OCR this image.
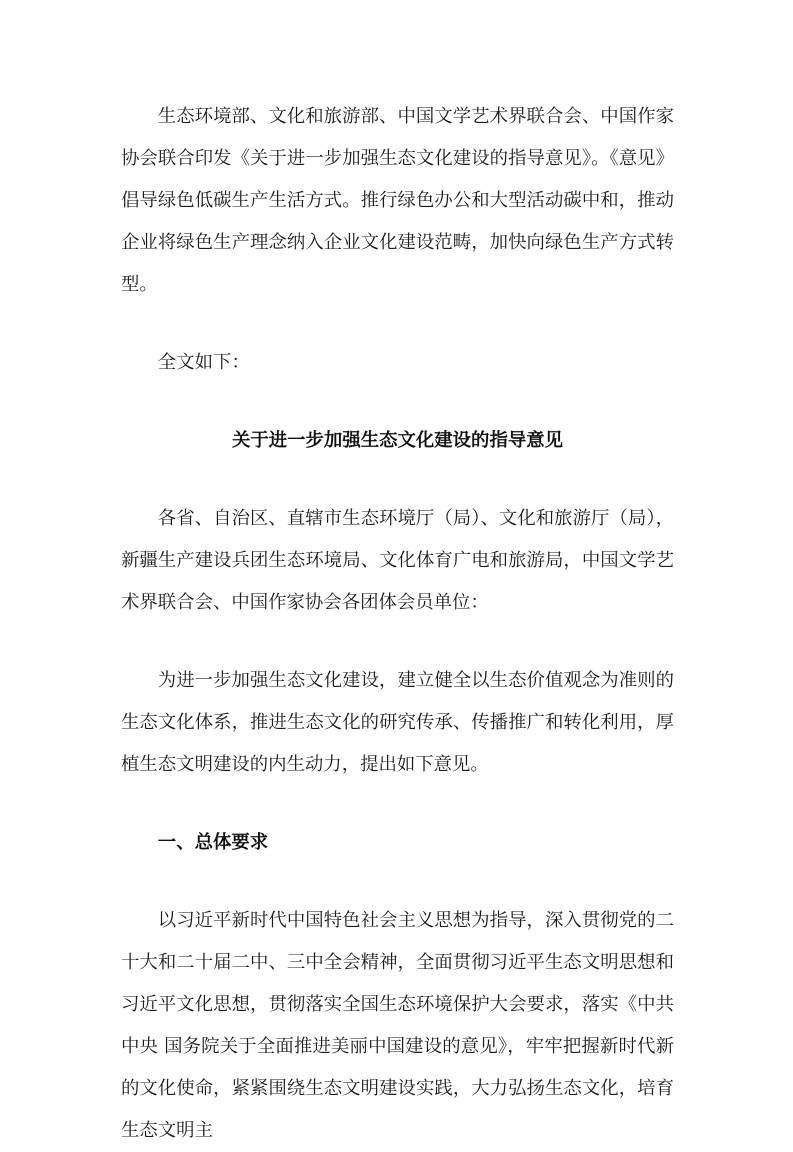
生态环境部、文化和旅游部、中国文学艺术界联合会、中国作家协会联合印发《关于进一步加强生态文化建设的指导意见》。《意见》倡导绿色低碳生产生活方式。推行绿色办公和大型活动碳中和，推动企业将绿色生产理念纳入企业文化建设范畴，加快向绿色生产方式转型。

全文如下：

关于进一步加强生态文化建设的指导意见

各省、自治区、直辖市生态环境厅（局）、文化和旅游厅（局），新疆生产建设兵团生态环境局、文化体育广电和旅游局，中国文学艺术界联合会、中国作家协会各团体会员单位：

为进一步加强生态文化建设，建立健全以生态价值观念为准则的生态文化体系，推进生态文化的研究传承、传播推广和转化利用，厚植生态文明建设的内生动力，提出如下意见。

一、总体要求

以习近平新时代中国特色社会主义思想为指导，深入贯彻党的二十大和二十届二中、三中全会精神，全面贯彻习近平生态文明思想和习近平文化思想，贯彻落实全国生态环境保护大会要求，落实《中共中央 国务院关于全面推进美丽中国建设的意见》，牢牢把握新时代新的文化使命，紧紧围绕生态文明建设实践，大力弘扬生态文化，培育生态文明主
